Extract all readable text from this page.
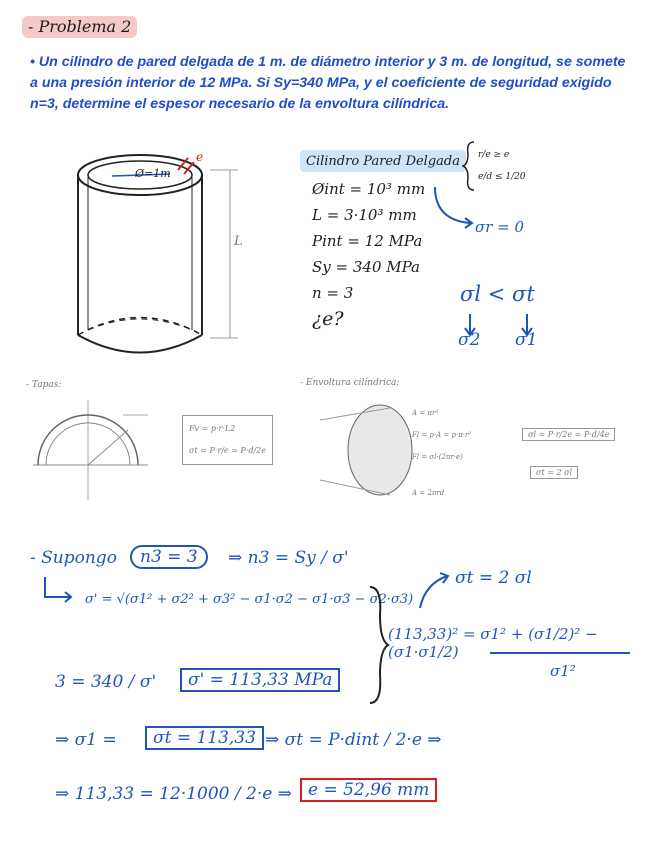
- Problema 2
• Un cilindro de pared delgada de 1 m. de diámetro interior y 3 m. de longitud, se somete a una presión interior de 12 MPa. Si Sy=340 MPa, y el coeficiente de seguridad exigido n=3, determine el espesor necesario de la envoltura cilíndrica.
Ø=1m
e
L
Cilindro Pared Delgada	r/e ≥ e
e/d ≤ 1/20
Øint = 10³ mm
L = 3·10³ mm
Pint = 12 MPa
Sy = 340 MPa
n = 3
¿e?
σr = 0
σl < σt
σ2 σ1
- Tapas:
Fv = p·r·L2
σt = P·r/e = P·d/2e
- Envoltura cilíndrica:
A = πr²
Fl = p·A = p·π·r²
Fl = σl·(2πr·e)
A = 2πrd
σl = P·r/2e = P·d/4e
σt = 2 σl
- Supongo	n3 = 3	⇒ n3 = Sy / σ'
σ' = √(σ1² + σ2² + σ3² − σ1·σ2 − σ1·σ3 − σ2·σ3)
σt = 2 σl
(113,33)² = σ1² + (σ1/2)² − (σ1·σ1/2)
σ1²
3 = 340 / σ'	σ' = 113,33 MPa
⇒ σ1 =	σt = 113,33 ⇒ σt = P·dint / 2·e ⇒
⇒ 113,33 = 12·1000 / 2·e ⇒ e = 52,96 mm
